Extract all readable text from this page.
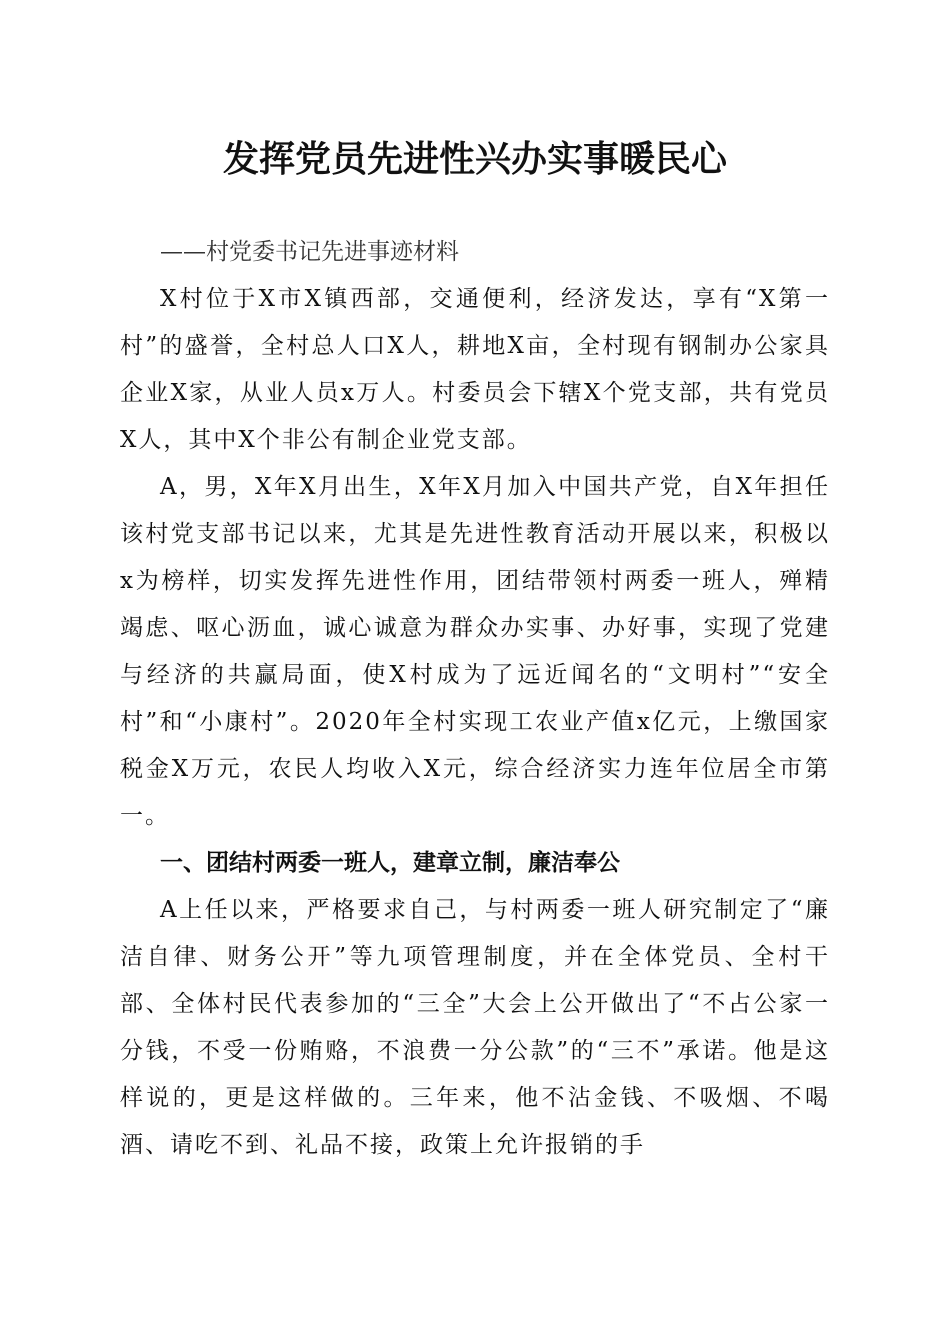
发挥党员先进性兴办实事暖民心

——村党委书记先进事迹材料

X村位于X市X镇西部，交通便利，经济发达，享有“X第一村”的盛誉，全村总人口X人，耕地X亩，全村现有钢制办公家具企业X家，从业人员x万人。村委员会下辖X个党支部，共有党员X人，其中X个非公有制企业党支部。

A，男，X年X月出生，X年X月加入中国共产党，自X年担任该村党支部书记以来，尤其是先进性教育活动开展以来，积极以x为榜样，切实发挥先进性作用，团结带领村两委一班人，殚精竭虑、呕心沥血，诚心诚意为群众办实事、办好事，实现了党建与经济的共赢局面，使X村成为了远近闻名的“文明村”“安全村”和“小康村”。2020年全村实现工农业产值x亿元，上缴国家税金X万元，农民人均收入X元，综合经济实力连年位居全市第一。

一、团结村两委一班人，建章立制，廉洁奉公

A上任以来，严格要求自己，与村两委一班人研究制定了“廉洁自律、财务公开”等九项管理制度，并在全体党员、全村干部、全体村民代表参加的“三全”大会上公开做出了“不占公家一分钱，不受一份贿赂，不浪费一分公款”的“三不”承诺。他是这样说的，更是这样做的。三年来，他不沾金钱、不吸烟、不喝酒、请吃不到、礼品不接，政策上允许报销的手
